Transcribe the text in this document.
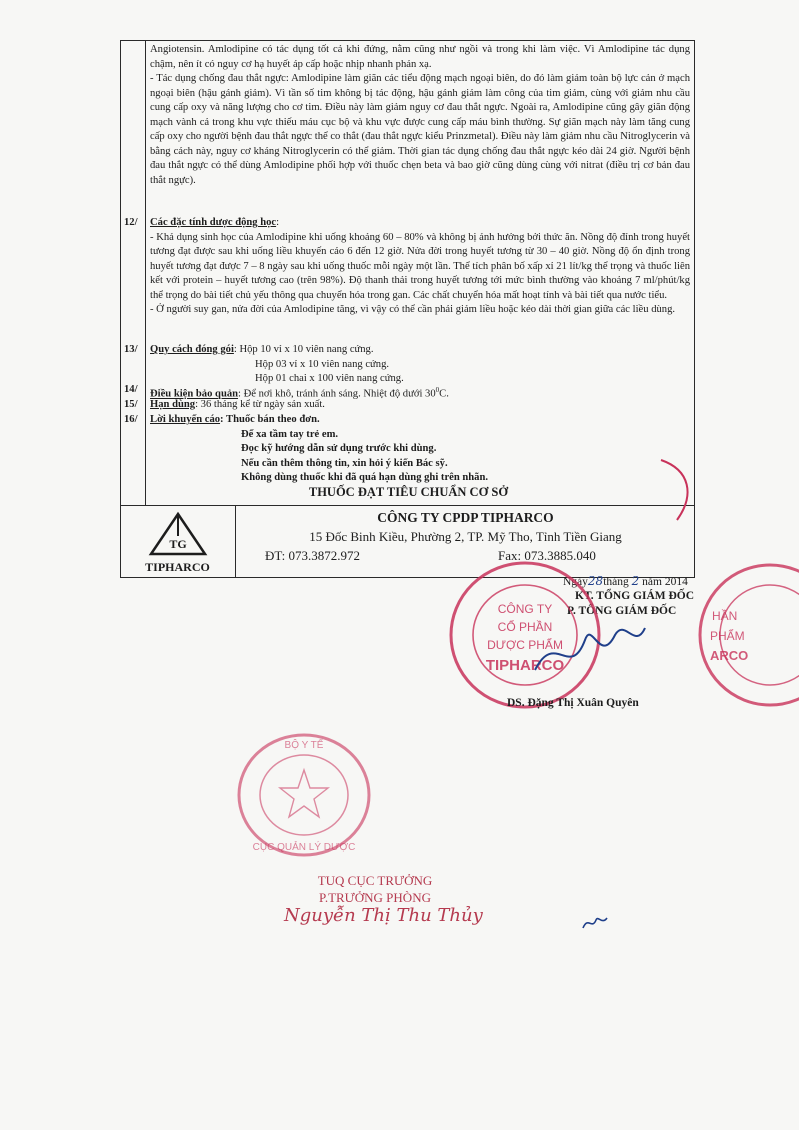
Angiotensin. Amlodipine có tác dụng tốt cả khi đứng, nằm cũng như ngồi và trong khi làm việc. Vì Amlodipine tác dụng chậm, nên ít có nguy cơ hạ huyết áp cấp hoặc nhịp nhanh phản xạ.

- Tác dụng chống đau thắt ngực: Amlodipine làm giãn các tiểu động mạch ngoại biên, do đó làm giảm toàn bộ lực cản ở mạch ngoại biên (hậu gánh giảm). Vì tần số tim không bị tác động, hậu gánh giảm làm công của tim giảm, cùng với giảm nhu cầu cung cấp oxy và năng lượng cho cơ tim. Điều này làm giảm nguy cơ đau thắt ngực. Ngoài ra, Amlodipine cũng gây giãn động mạch vành cả trong khu vực thiếu máu cục bộ và khu vực được cung cấp máu bình thường. Sự giãn mạch này làm tăng cung cấp oxy cho người bệnh đau thắt ngực thể co thắt (đau thắt ngực kiểu Prinzmetal). Điều này làm giảm nhu cầu Nitroglycerin và bằng cách này, nguy cơ kháng Nitroglycerin có thể giảm. Thời gian tác dụng chống đau thắt ngực kéo dài 24 giờ. Người bệnh đau thắt ngực có thể dùng Amlodipine phối hợp với thuốc chẹn beta và bao giờ cũng dùng cùng với nitrat (điều trị cơ bản đau thắt ngực).

12/ Các đặc tính dược động học:
- Khả dụng sinh học của Amlodipine khi uống khoảng 60 – 80% và không bị ảnh hưởng bởi thức ăn. Nồng độ đỉnh trong huyết tương đạt được sau khi uống liều khuyến cáo 6 đến 12 giờ. Nửa đời trong huyết tương từ 30 – 40 giờ. Nồng độ ổn định trong huyết tương đạt được 7 – 8 ngày sau khi uống thuốc mỗi ngày một lần. Thể tích phân bố xấp xỉ 21 lít/kg thể trọng và thuốc liên kết với protein – huyết tương cao (trên 98%). Độ thanh thải trong huyết tương tới mức bình thường vào khoảng 7 ml/phút/kg thể trọng do bài tiết chủ yếu thông qua chuyển hóa trong gan. Các chất chuyển hóa mất hoạt tính và bài tiết qua nước tiểu.
- Ở người suy gan, nửa đời của Amlodipine tăng, vì vậy có thể cần phải giảm liều hoặc kéo dài thời gian giữa các liều dùng.
13/ Quy cách đóng gói: Hộp 10 vỉ x 10 viên nang cứng.
Hộp 03 vỉ x 10 viên nang cứng.
Hộp 01 chai x 100 viên nang cứng.
14/ Điều kiện bảo quản: Để nơi khô, tránh ánh sáng. Nhiệt độ dưới $30^0C$.
15/ Hạn dùng: 36 tháng kể từ ngày sản xuất.
16/ Lời khuyến cáo: Thuốc bán theo đơn.
Để xa tầm tay trẻ em.
Đọc kỹ hướng dẫn sử dụng trước khi dùng.
Nếu cần thêm thông tin, xin hỏi ý kiến Bác sỹ.
Không dùng thuốc khi đã quá hạn dùng ghi trên nhãn.
THUỐC ĐẠT TIÊU CHUẨN CƠ SỞ
TG
TIPHARCO
CÔNG TY CPDP TIPHARCO
15 Đốc Binh Kiều, Phường 2, TP. Mỹ Tho, Tỉnh Tiền Giang
ĐT: 073.3872.972	Fax: 073.3885.040
Ngày28tháng 2 năm 2014
KT. TỔNG GIÁM ĐỐC
P. TỔNG GIÁM ĐỐC
CÔNG TY
CỔ PHẦN
DƯỢC PHẨM
TIPHARCO
HẦN
PHẨM
ARCO
DS. Đặng Thị Xuân Quyên
BỘ Y TẾ
CỤC QUẢN LÝ DƯỢC
TUQ CỤC TRƯỞNG
P.TRƯỞNG PHÒNG
Nguyễn Thị Thu Thủy
